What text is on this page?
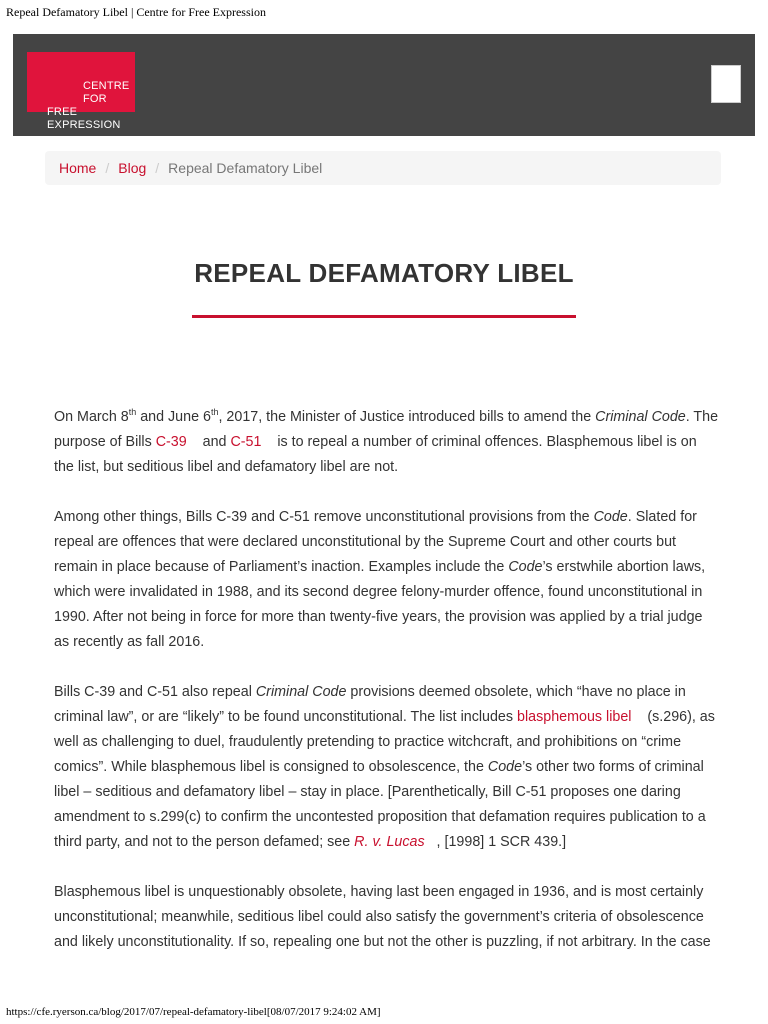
Repeal Defamatory Libel | Centre for Free Expression
CENTRE FOR
FREE EXPRESSION
Home / Blog / Repeal Defamatory Libel
REPEAL DEFAMATORY LIBEL

On March 8th and June 6th, 2017, the Minister of Justice introduced bills to amend the Criminal Code. The purpose of Bills C-39    and C-51    is to repeal a number of criminal offences. Blasphemous libel is on the list, but seditious libel and defamatory libel are not.

Among other things, Bills C-39 and C-51 remove unconstitutional provisions from the Code. Slated for repeal are offences that were declared unconstitutional by the Supreme Court and other courts but remain in place because of Parliament’s inaction. Examples include the Code’s erstwhile abortion laws, which were invalidated in 1988, and its second degree felony-murder offence, found unconstitutional in 1990. After not being in force for more than twenty-five years, the provision was applied by a trial judge as recently as fall 2016.

Bills C-39 and C-51 also repeal Criminal Code provisions deemed obsolete, which “have no place in criminal law”, or are “likely” to be found unconstitutional. The list includes blasphemous libel    (s.296), as well as challenging to duel, fraudulently pretending to practice witchcraft, and prohibitions on “crime comics”. While blasphemous libel is consigned to obsolescence, the Code’s other two forms of criminal libel – seditious and defamatory libel – stay in place. [Parenthetically, Bill C-51 proposes one daring amendment to s.299(c) to confirm the uncontested proposition that defamation requires publication to a third party, and not to the person defamed; see R. v. Lucas   , [1998] 1 SCR 439.]

Blasphemous libel is unquestionably obsolete, having last been engaged in 1936, and is most certainly unconstitutional; meanwhile, seditious libel could also satisfy the government’s criteria of obsolescence and likely unconstitutionality. If so, repealing one but not the other is puzzling, if not arbitrary. In the case

https://cfe.ryerson.ca/blog/2017/07/repeal-defamatory-libel[08/07/2017 9:24:02 AM]
